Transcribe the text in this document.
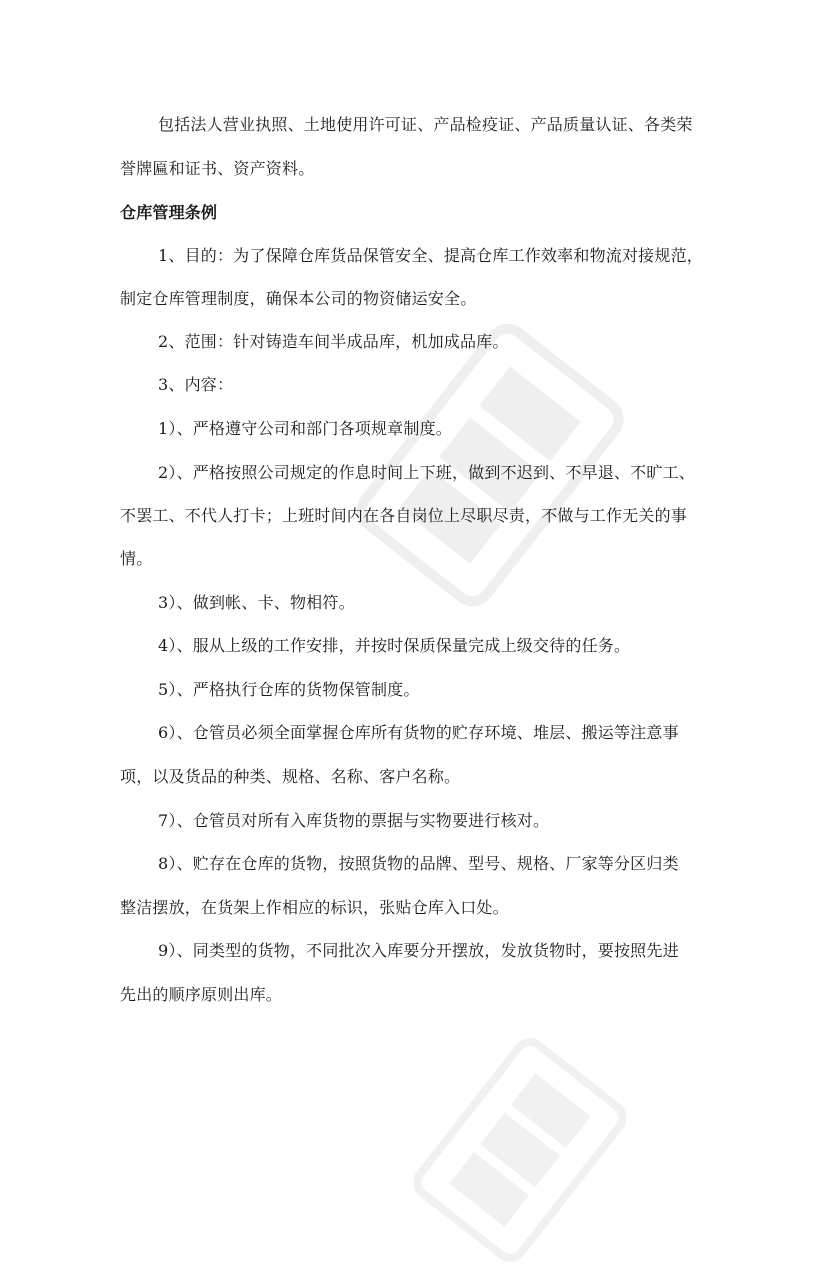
包括法人营业执照、土地使用许可证、产品检疫证、产品质量认证、各类荣
誉牌匾和证书、资产资料。
仓库管理条例
1、目的：为了保障仓库货品保管安全、提高仓库工作效率和物流对接规范，
制定仓库管理制度，确保本公司的物资储运安全。
2、范围：针对铸造车间半成品库，机加成品库。
3、内容：
1）、严格遵守公司和部门各项规章制度。
2）、严格按照公司规定的作息时间上下班，做到不迟到、不早退、不旷工、
不罢工、不代人打卡；上班时间内在各自岗位上尽职尽责，不做与工作无关的事
情。
3）、做到帐、卡、物相符。
4）、服从上级的工作安排，并按时保质保量完成上级交待的任务。
5）、严格执行仓库的货物保管制度。
6）、仓管员必须全面掌握仓库所有货物的贮存环境、堆层、搬运等注意事
项，以及货品的种类、规格、名称、客户名称。
7）、仓管员对所有入库货物的票据与实物要进行核对。
8）、贮存在仓库的货物，按照货物的品牌、型号、规格、厂家等分区归类
整洁摆放，在货架上作相应的标识，张贴仓库入口处。
9）、同类型的货物，不同批次入库要分开摆放，发放货物时，要按照先进
先出的顺序原则出库。
